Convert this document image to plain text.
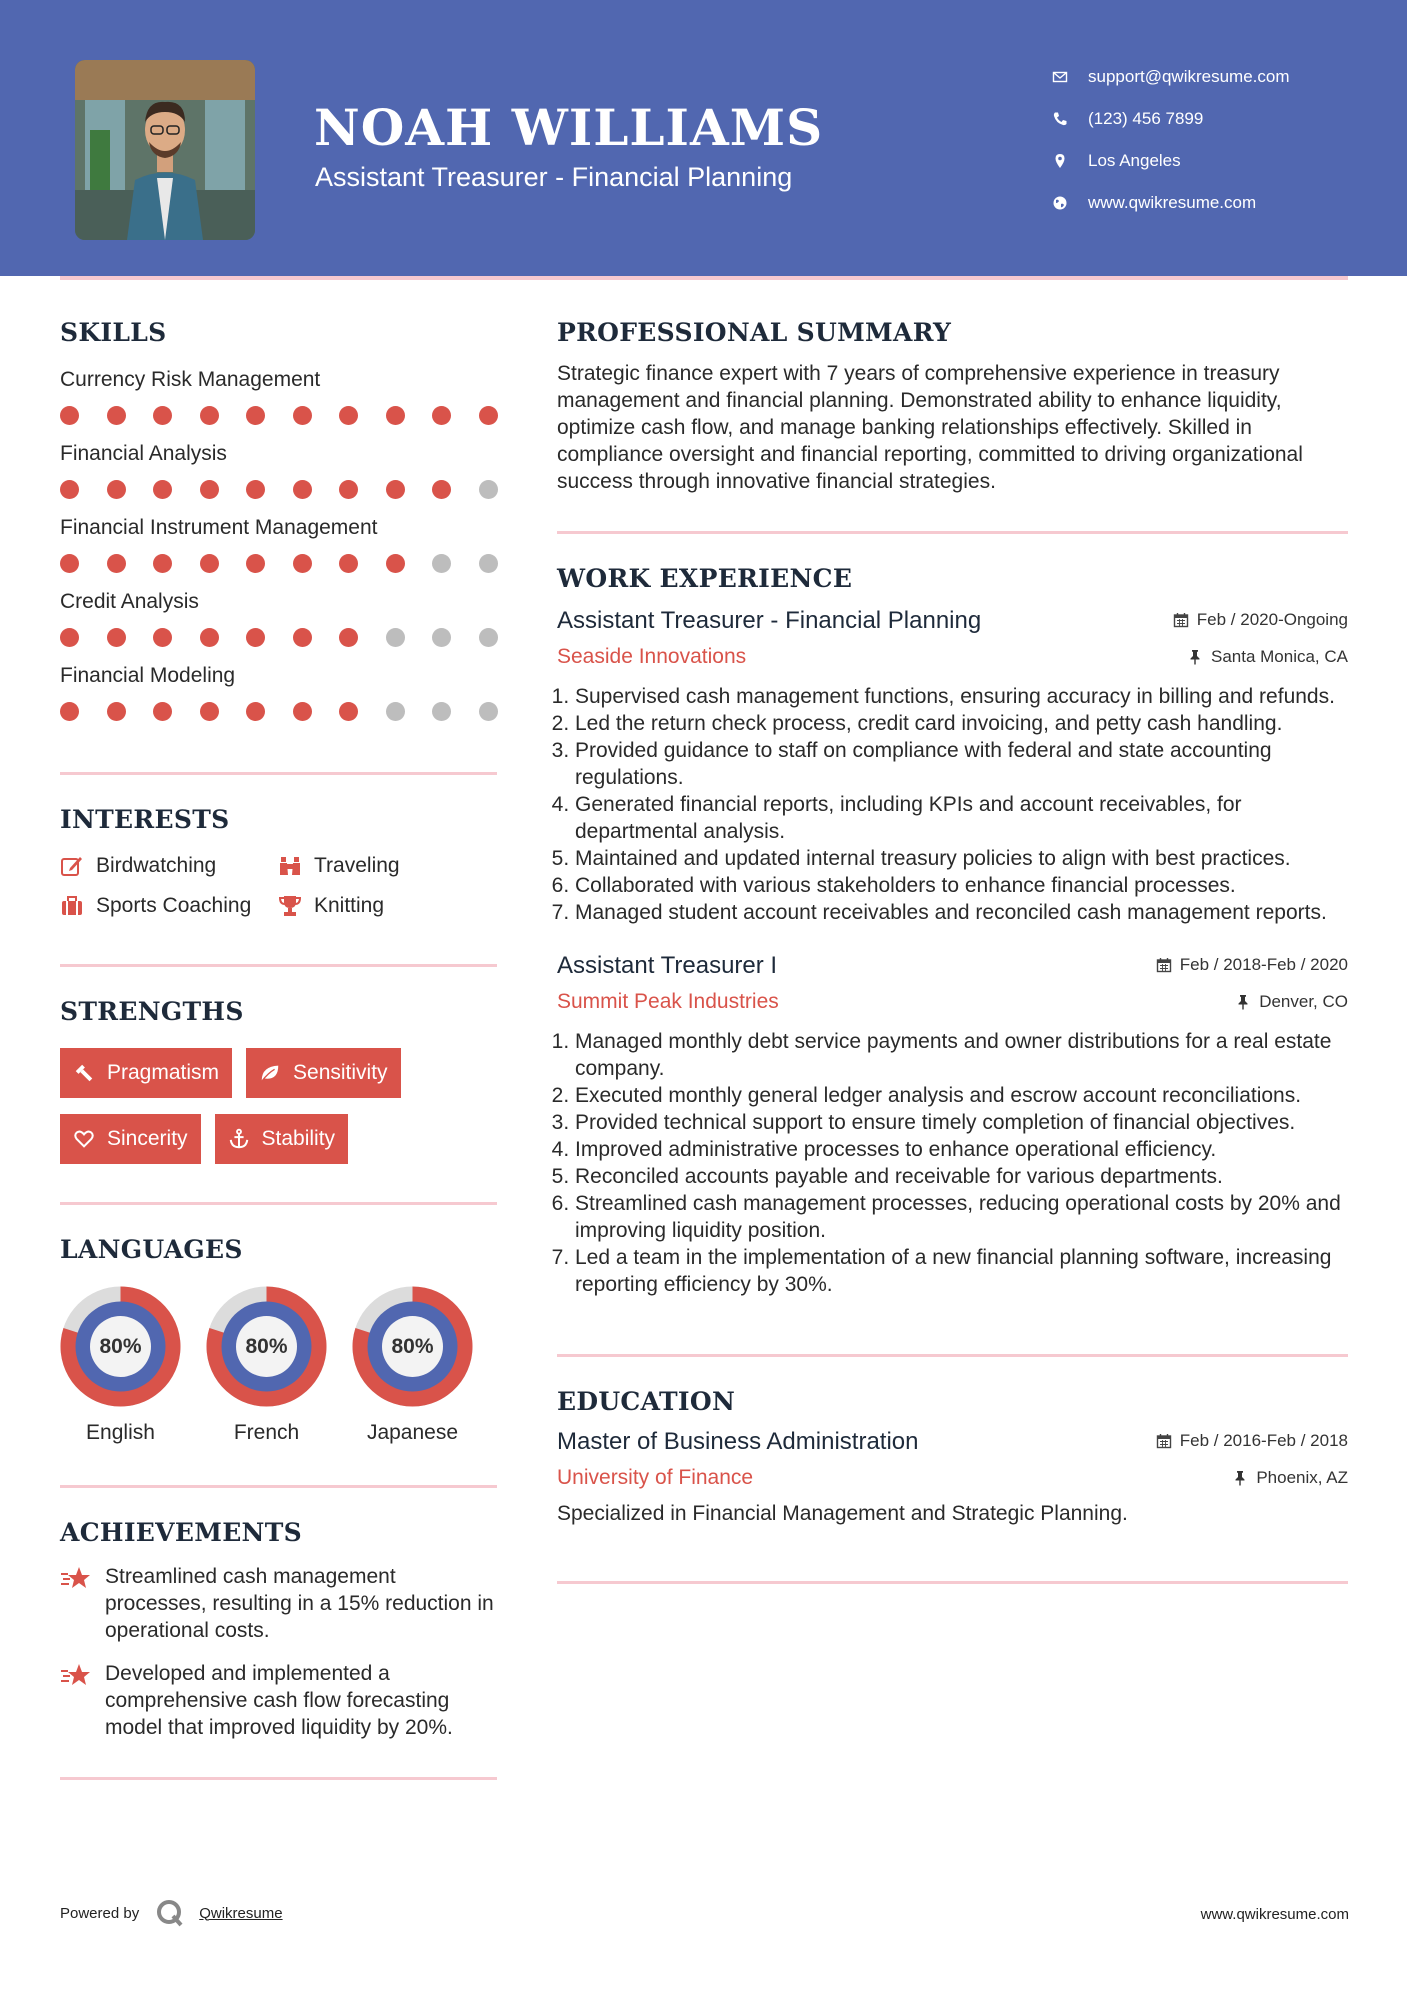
NOAH WILLIAMS
Assistant Treasurer - Financial Planning
support@qwikresume.com
(123) 456 7899
Los Angeles
www.qwikresume.com
SKILLS
Currency Risk Management
Financial Analysis
Financial Instrument Management
Credit Analysis
Financial Modeling
INTERESTS
Birdwatching	Traveling
Sports Coaching	Knitting
STRENGTHS
Pragmatism	Sensitivity
Sincerity	Stability
LANGUAGES
80%
English
80%
French
80%
Japanese
ACHIEVEMENTS
Streamlined cash management processes, resulting in a 15% reduction in operational costs.
Developed and implemented a comprehensive cash flow forecasting model that improved liquidity by 20%.
PROFESSIONAL SUMMARY
Strategic finance expert with 7 years of comprehensive experience in treasury management and financial planning. Demonstrated ability to enhance liquidity, optimize cash flow, and manage banking relationships effectively. Skilled in compliance oversight and financial reporting, committed to driving organizational success through innovative financial strategies.
WORK EXPERIENCE
Assistant Treasurer - Financial Planning	Feb / 2020-Ongoing
Seaside Innovations	Santa Monica, CA
1. Supervised cash management functions, ensuring accuracy in billing and refunds.
2. Led the return check process, credit card invoicing, and petty cash handling.
3. Provided guidance to staff on compliance with federal and state accounting regulations.
4. Generated financial reports, including KPIs and account receivables, for departmental analysis.
5. Maintained and updated internal treasury policies to align with best practices.
6. Collaborated with various stakeholders to enhance financial processes.
7. Managed student account receivables and reconciled cash management reports.
Assistant Treasurer I	Feb / 2018-Feb / 2020
Summit Peak Industries	Denver, CO
1. Managed monthly debt service payments and owner distributions for a real estate company.
2. Executed monthly general ledger analysis and escrow account reconciliations.
3. Provided technical support to ensure timely completion of financial objectives.
4. Improved administrative processes to enhance operational efficiency.
5. Reconciled accounts payable and receivable for various departments.
6. Streamlined cash management processes, reducing operational costs by 20% and improving liquidity position.
7. Led a team in the implementation of a new financial planning software, increasing reporting efficiency by 30%.
EDUCATION
Master of Business Administration	Feb / 2016-Feb / 2018
University of Finance	Phoenix, AZ
Specialized in Financial Management and Strategic Planning.
Powered by	Qwikresume	www.qwikresume.com
